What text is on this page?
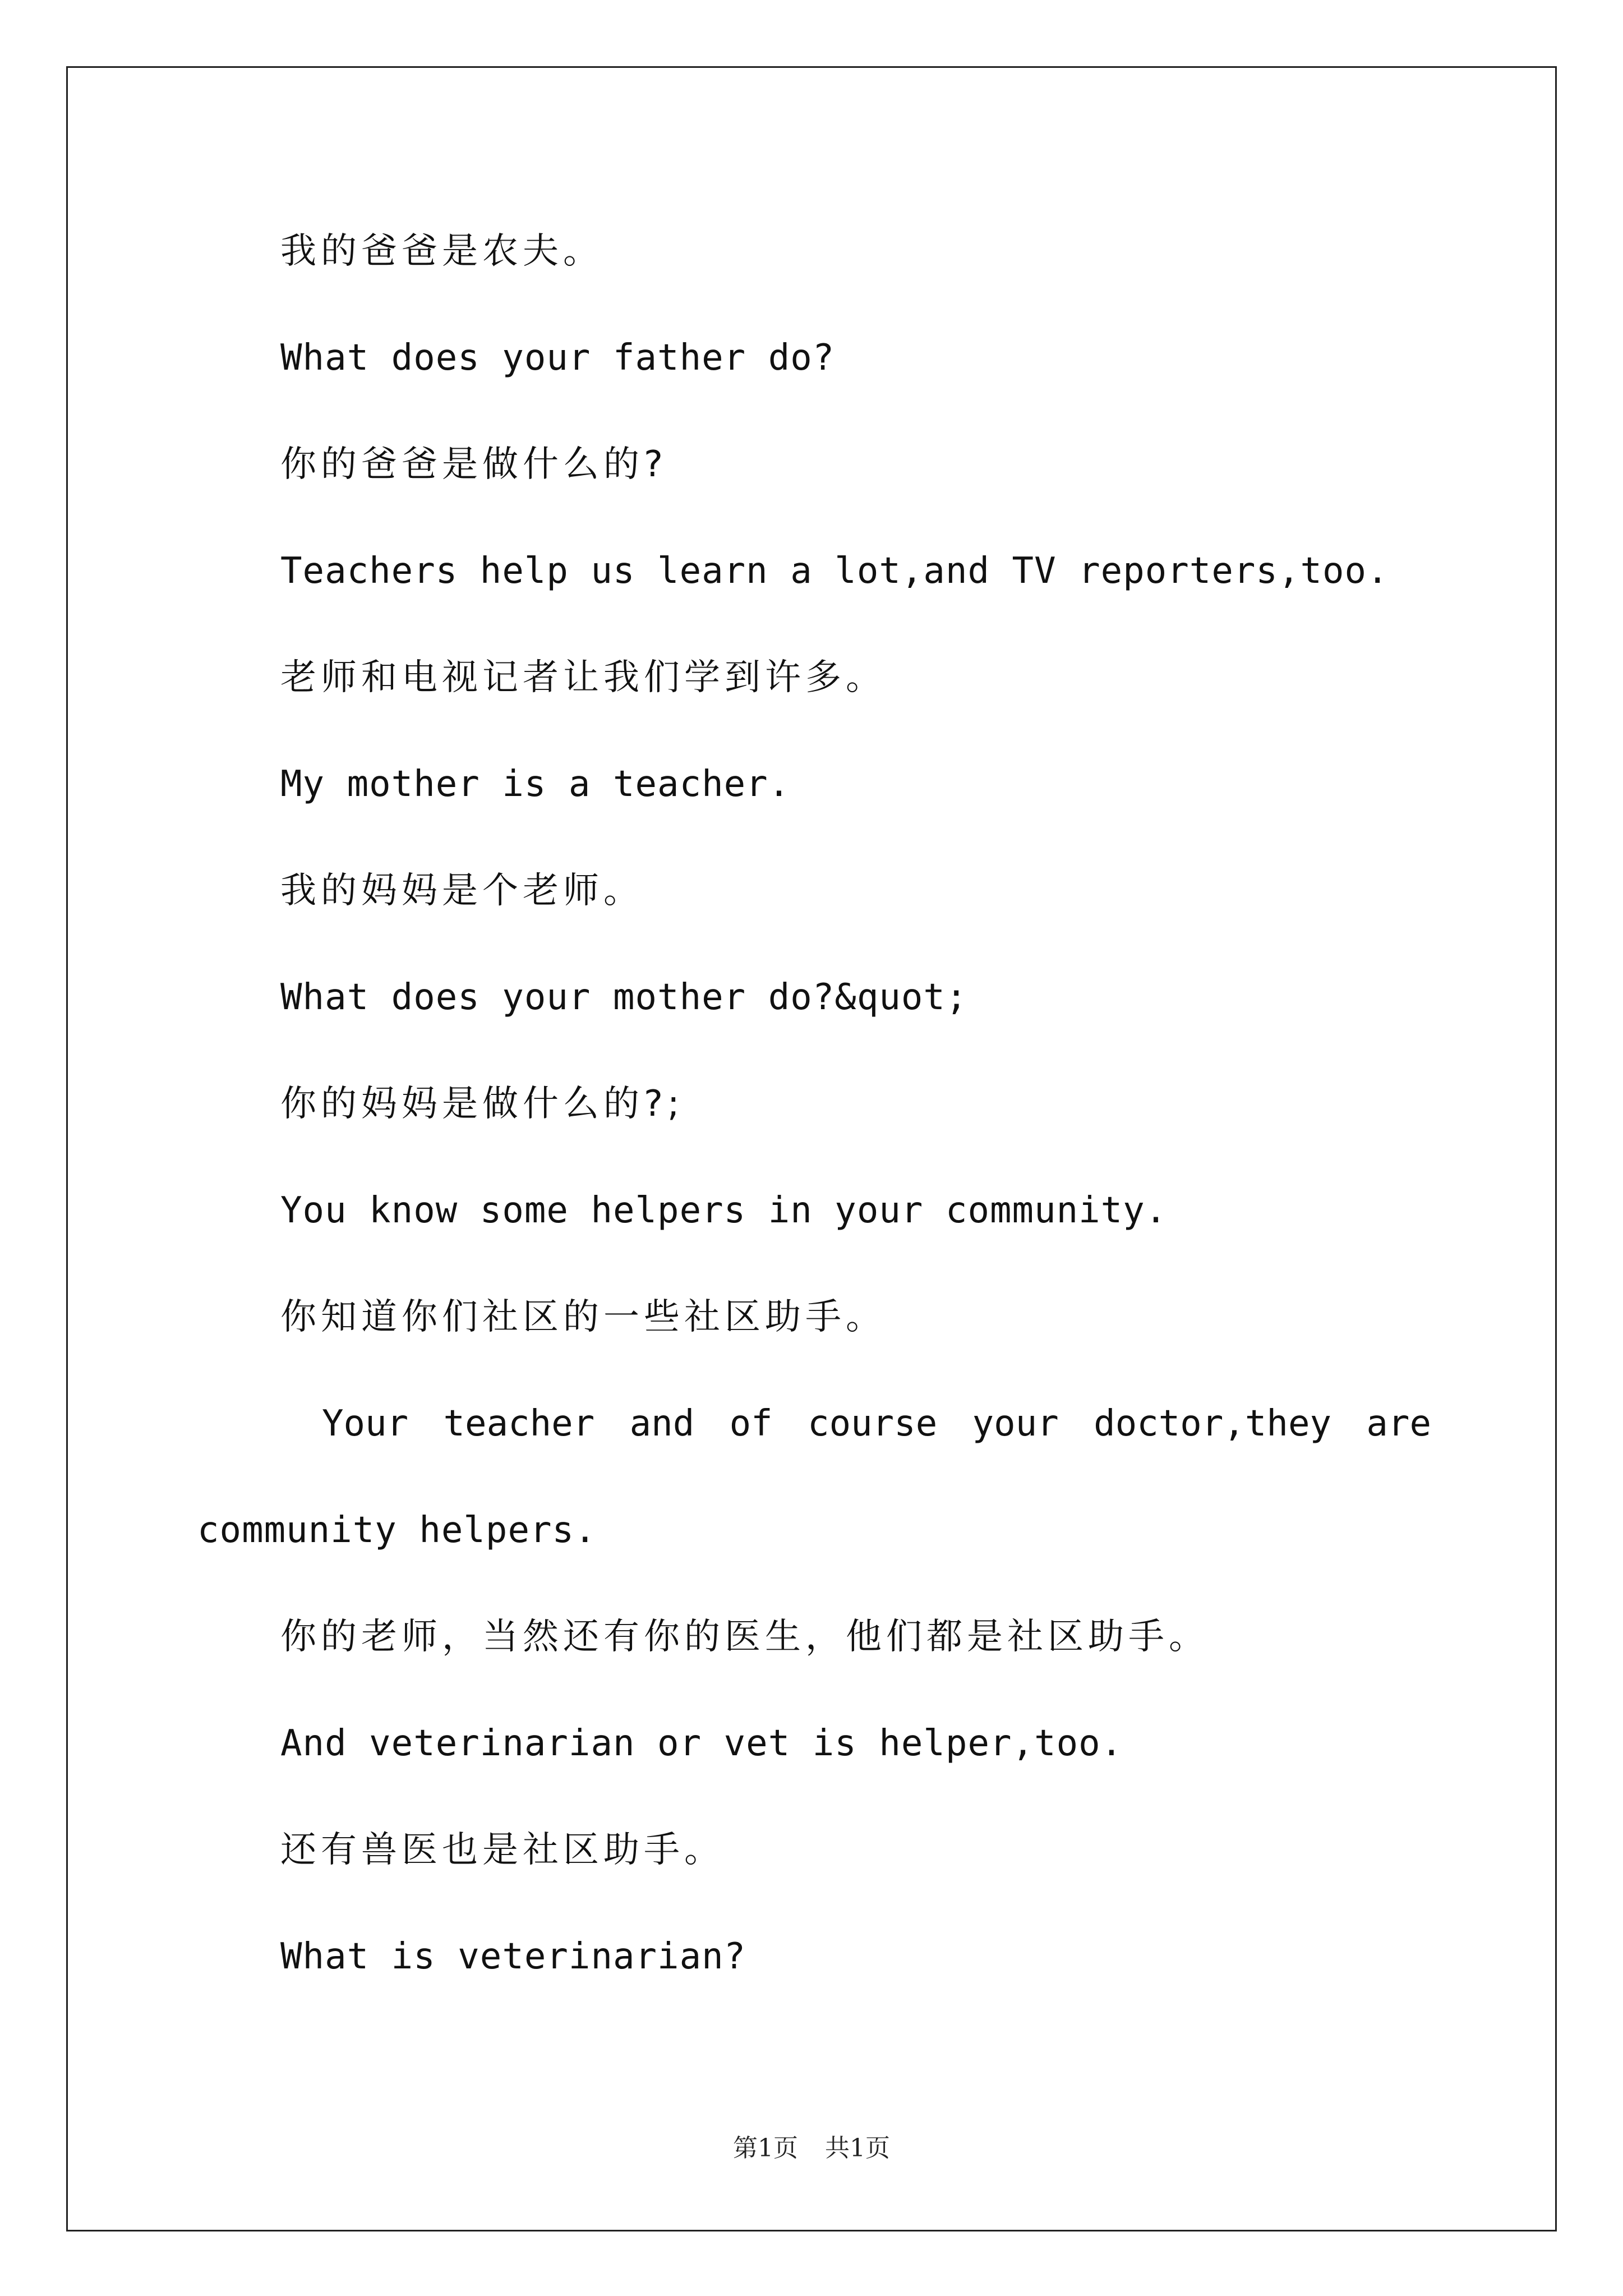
我的爸爸是农夫。
What does your father do?
你的爸爸是做什么的?
Teachers help us learn a lot,and TV reporters,too.
老师和电视记者让我们学到许多。
My mother is a teacher.
我的妈妈是个老师。
What does your mother do?&quot;
你的妈妈是做什么的?;
You know some helpers in your community.
你知道你们社区的一些社区助手。
Your teacher and of course your doctor,they are
community helpers.
你的老师，当然还有你的医生，他们都是社区助手。
And veterinarian or vet is helper,too.
还有兽医也是社区助手。
What is veterinarian?
第1页 共1页
